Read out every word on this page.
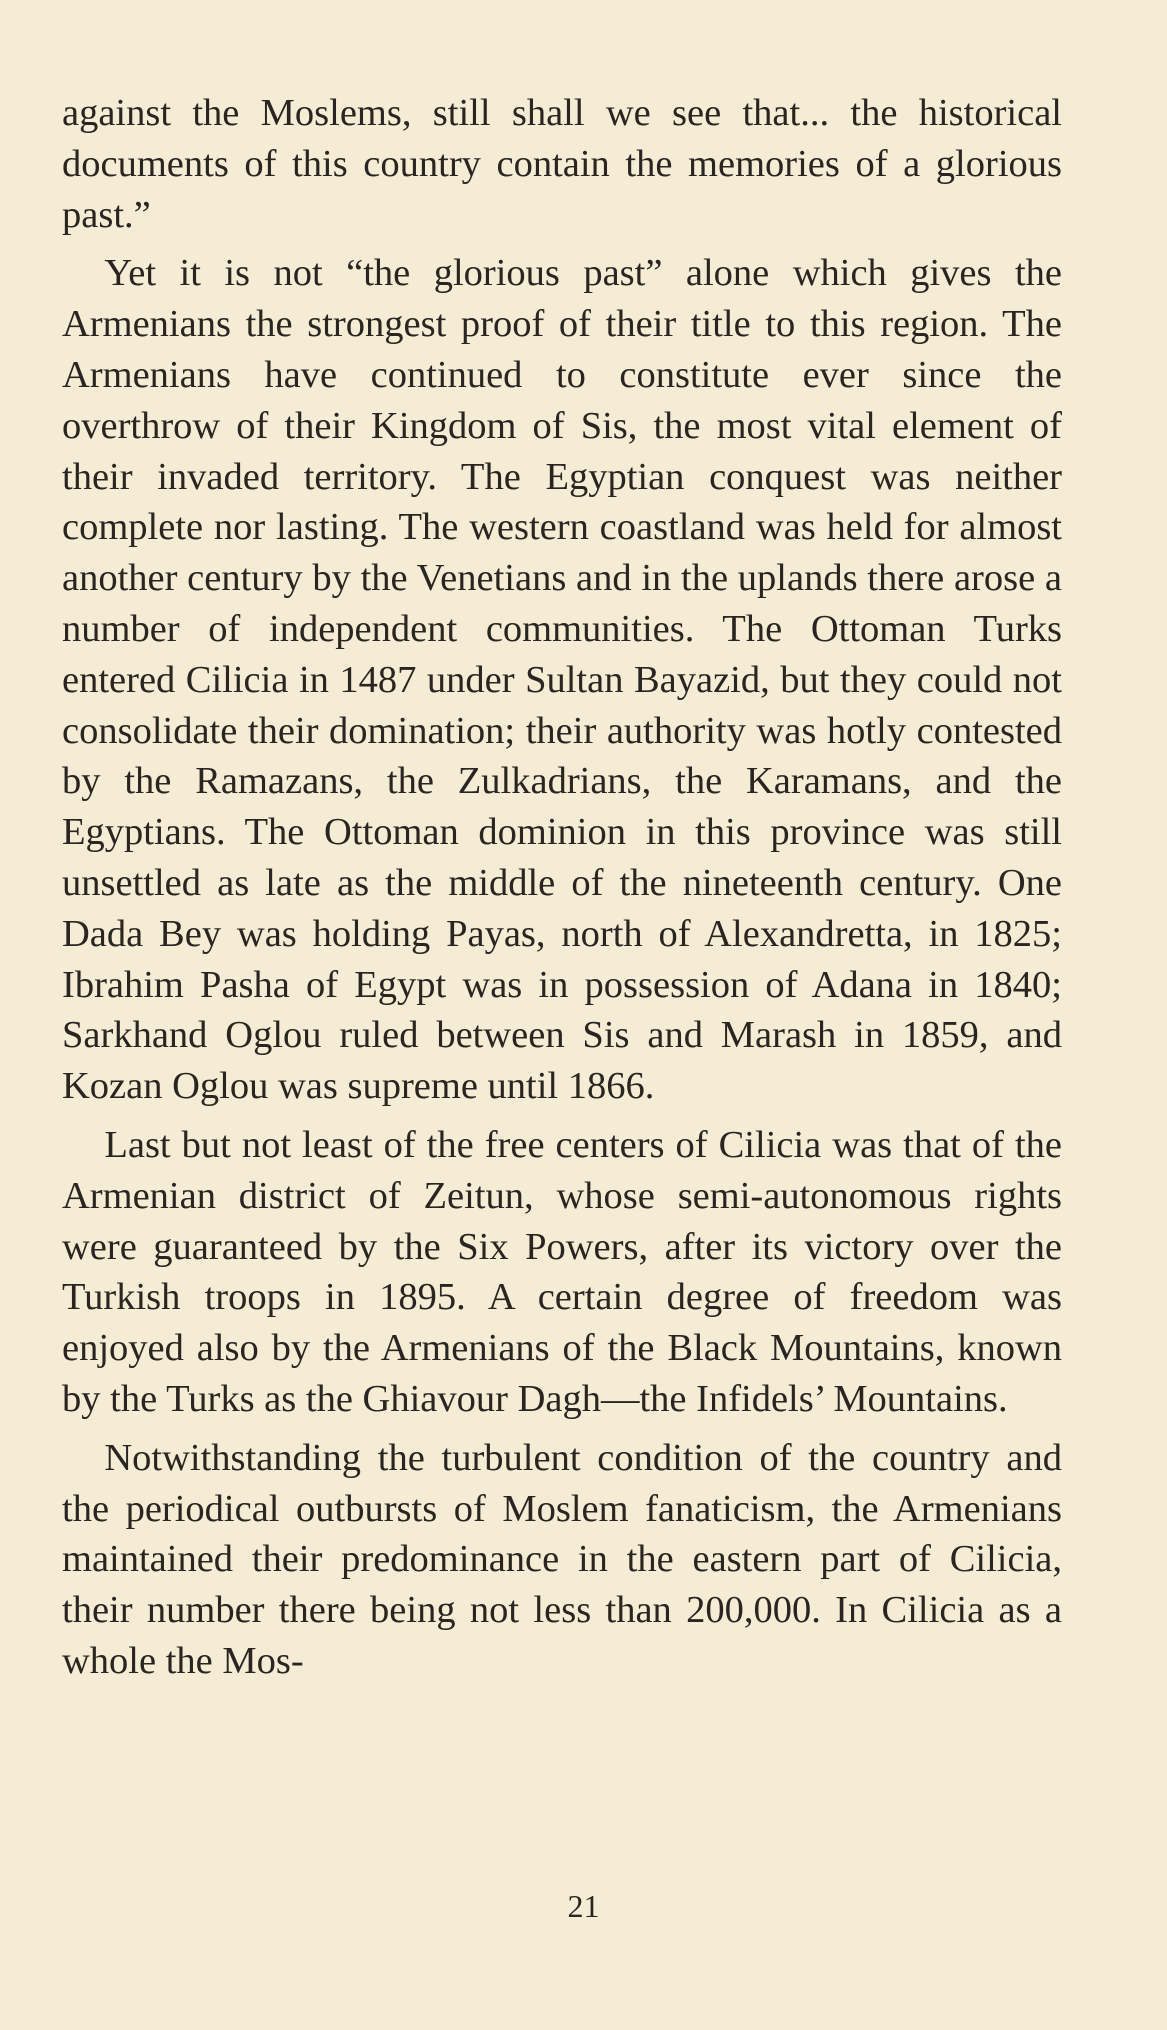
against the Moslems, still shall we see that... the historical documents of this country contain the memories of a glorious past.”

Yet it is not “the glorious past” alone which gives the Armenians the strongest proof of their title to this region. The Armenians have continued to constitute ever since the overthrow of their Kingdom of Sis, the most vital element of their invaded territory. The Egyptian conquest was neither complete nor lasting. The western coastland was held for almost another century by the Venetians and in the uplands there arose a number of independent communities. The Ottoman Turks entered Cilicia in 1487 under Sultan Bayazid, but they could not consolidate their domination; their authority was hotly contested by the Ramazans, the Zulkadrians, the Karamans, and the Egyptians. The Ottoman dominion in this province was still unsettled as late as the middle of the nineteenth century. One Dada Bey was holding Payas, north of Alexandretta, in 1825; Ibrahim Pasha of Egypt was in possession of Adana in 1840; Sarkhand Oglou ruled between Sis and Marash in 1859, and Kozan Oglou was supreme until 1866.

Last but not least of the free centers of Cilicia was that of the Armenian district of Zeitun, whose semi-autonomous rights were guaranteed by the Six Powers, after its victory over the Turkish troops in 1895. A certain degree of freedom was enjoyed also by the Armenians of the Black Mountains, known by the Turks as the Ghiavour Dagh—the Infidels’ Mountains.

Notwithstanding the turbulent condition of the country and the periodical outbursts of Moslem fanaticism, the Armenians maintained their predominance in the eastern part of Cilicia, their number there being not less than 200,000. In Cilicia as a whole the Mos-

21
